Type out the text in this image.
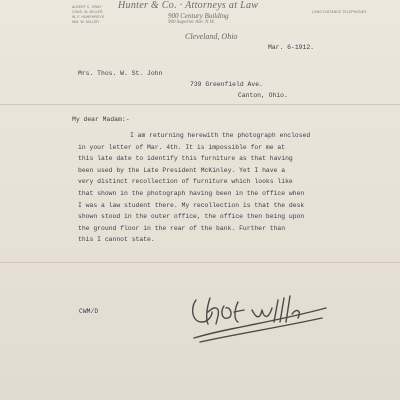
ALBERT C. GRAY
CHAS. W. MILLER
W. F. HUMPHREYS
WM. W. MILLER
Hunter & Co. · Attorneys at Law
900 Century Building
900 Superior Ave. N.W.
Cleveland, Ohio
LONG DISTANCE TELEPHONES
Mar. 6-1912.
Mrs. Thos. W. St. John
739 Greenfield Ave.
Canton, Ohio.
My dear Madam:-
I am returning herewith the photograph enclosed
in your letter of Mar. 4th. It is impossible for me at
this late date to identify this furniture as that having
been used by the Late President McKinley. Yet I have a
very distinct recollection of furniture which looks like
that shown in the photograph having been in the office when
I was a law student there. My recollection is that the desk
shown stood in the outer office, the office then being upon
the ground floor in the rear of the bank. Further than
this I cannot state.
CWM/D
